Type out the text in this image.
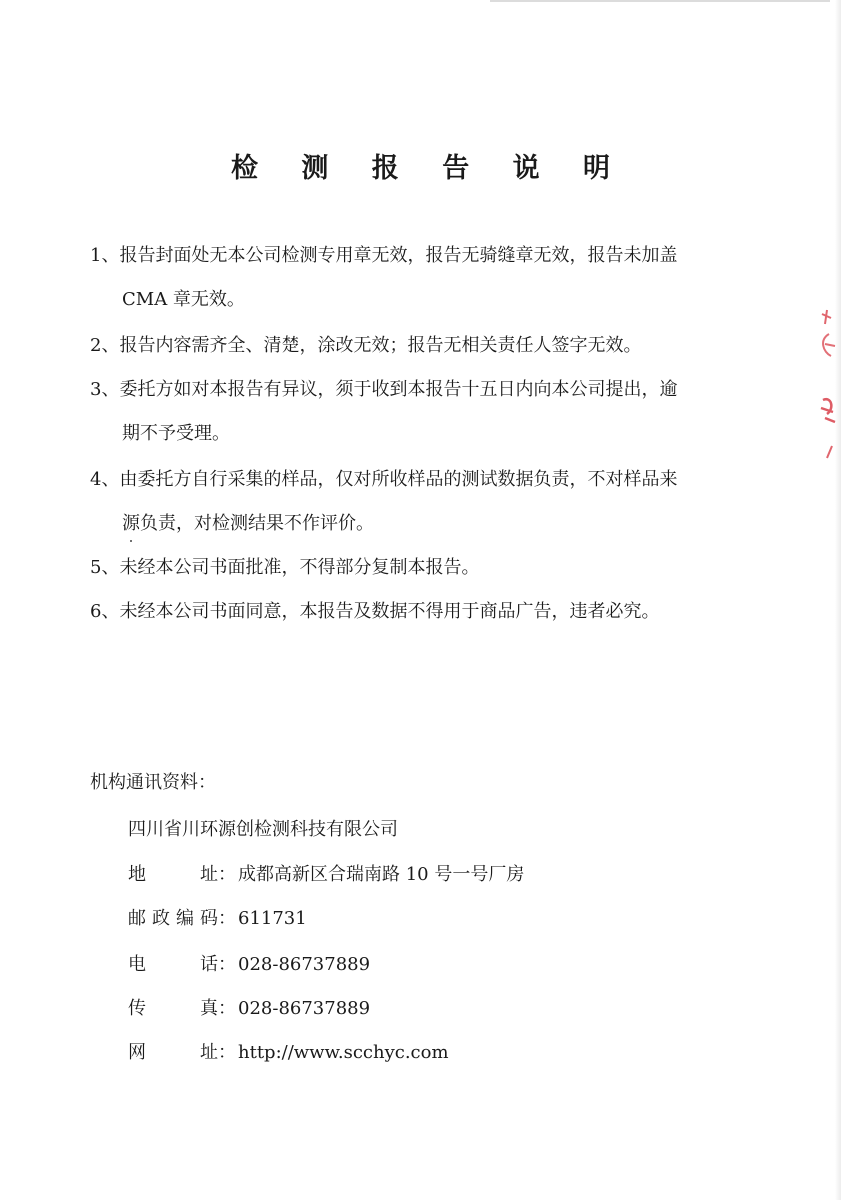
检 测 报 告 说 明
1、报告封面处无本公司检测专用章无效，报告无骑缝章无效，报告未加盖
CMA 章无效。
2、报告内容需齐全、清楚，涂改无效；报告无相关责任人签字无效。
3、委托方如对本报告有异议，须于收到本报告十五日内向本公司提出，逾
期不予受理。
4、由委托方自行采集的样品，仅对所收样品的测试数据负责，不对样品来
源负责，对检测结果不作评价。
5、未经本公司书面批准，不得部分复制本报告。
6、未经本公司书面同意，本报告及数据不得用于商品广告，违者必究。
机构通讯资料：
四川省川环源创检测科技有限公司
地址： 成都高新区合瑞南路 10 号一号厂房
邮政编码： 611731
电话： 028-86737889
传真： 028-86737889
网址： http://www.scchyc.com
